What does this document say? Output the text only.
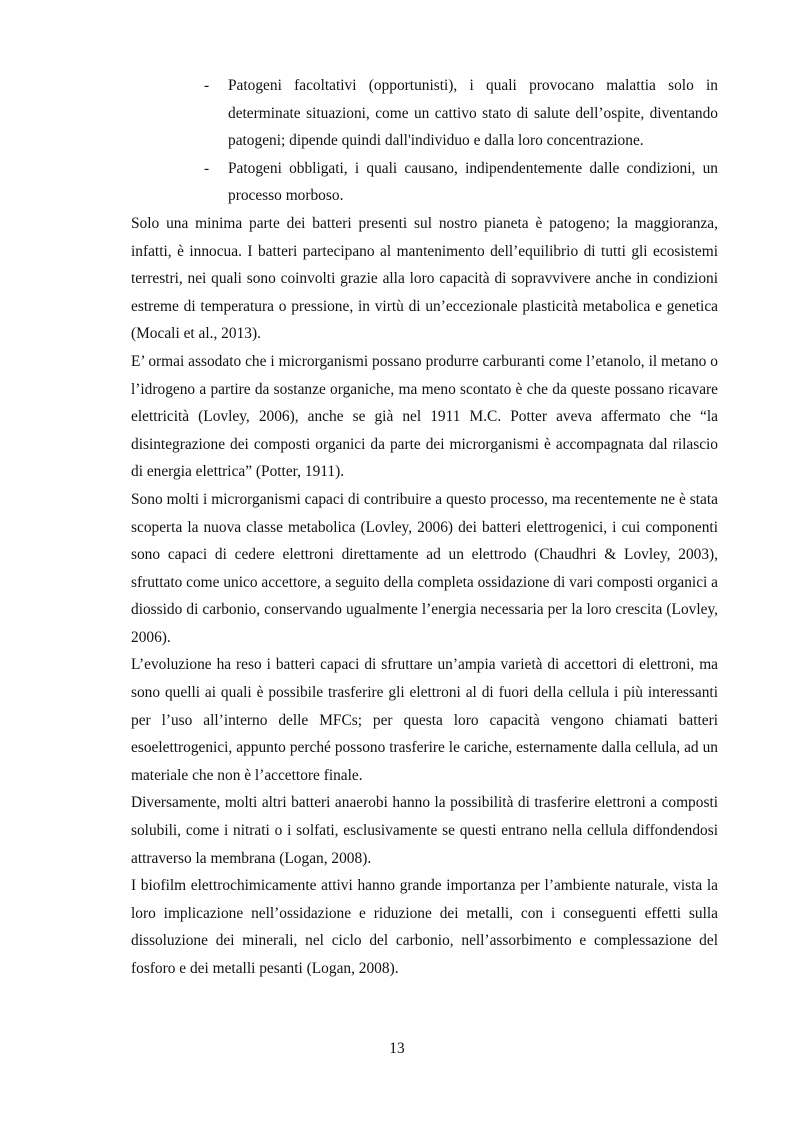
- Patogeni facoltativi (opportunisti), i quali provocano malattia solo in determinate situazioni, come un cattivo stato di salute dell’ospite, diventando patogeni; dipende quindi dall'individuo e dalla loro concentrazione.
- Patogeni obbligati, i quali causano, indipendentemente dalle condizioni, un processo morboso.

Solo una minima parte dei batteri presenti sul nostro pianeta è patogeno; la maggioranza, infatti, è innocua. I batteri partecipano al mantenimento dell’equilibrio di tutti gli ecosistemi terrestri, nei quali sono coinvolti grazie alla loro capacità di sopravvivere anche in condizioni estreme di temperatura o pressione, in virtù di un’eccezionale plasticità metabolica e genetica (Mocali et al., 2013).

E’ ormai assodato che i microrganismi possano produrre carburanti come l’etanolo, il metano o l’idrogeno a partire da sostanze organiche, ma meno scontato è che da queste possano ricavare elettricità (Lovley, 2006), anche se già nel 1911 M.C. Potter aveva affermato che “la disintegrazione dei composti organici da parte dei microrganismi è accompagnata dal rilascio di energia elettrica” (Potter, 1911).

Sono molti i microrganismi capaci di contribuire a questo processo, ma recentemente ne è stata scoperta la nuova classe metabolica (Lovley, 2006) dei batteri elettrogenici, i cui componenti sono capaci di cedere elettroni direttamente ad un elettrodo (Chaudhri & Lovley, 2003), sfruttato come unico accettore, a seguito della completa ossidazione di vari composti organici a diossido di carbonio, conservando ugualmente l’energia necessaria per la loro crescita (Lovley, 2006).

L’evoluzione ha reso i batteri capaci di sfruttare un’ampia varietà di accettori di elettroni, ma sono quelli ai quali è possibile trasferire gli elettroni al di fuori della cellula i più interessanti per l’uso all’interno delle MFCs; per questa loro capacità vengono chiamati batteri esoelettrogenici, appunto perché possono trasferire le cariche, esternamente dalla cellula, ad un materiale che non è l’accettore finale.

Diversamente, molti altri batteri anaerobi hanno la possibilità di trasferire elettroni a composti solubili, come i nitrati o i solfati, esclusivamente se questi entrano nella cellula diffondendosi attraverso la membrana (Logan, 2008).

I biofilm elettrochimicamente attivi hanno grande importanza per l’ambiente naturale, vista la loro implicazione nell’ossidazione e riduzione dei metalli, con i conseguenti effetti sulla dissoluzione dei minerali, nel ciclo del carbonio, nell’assorbimento e complessazione del fosforo e dei metalli pesanti (Logan, 2008).

13
